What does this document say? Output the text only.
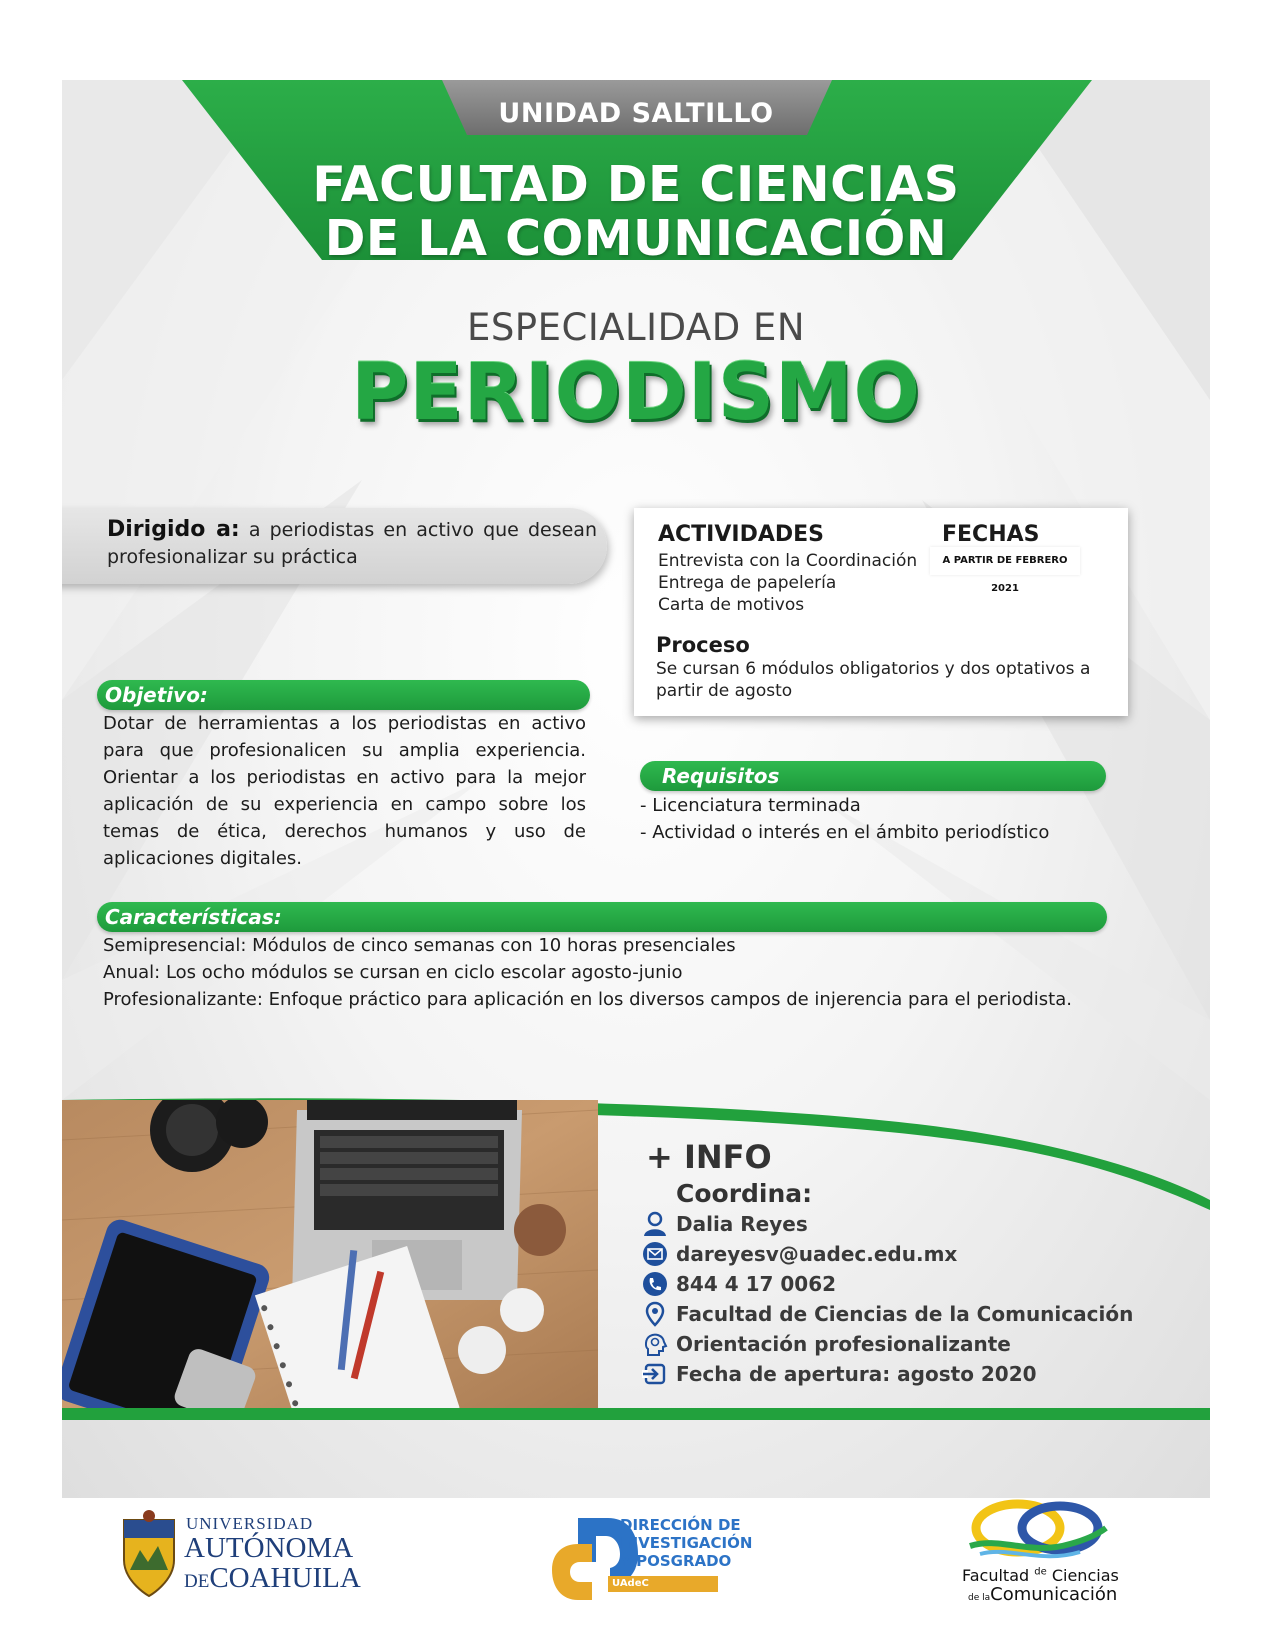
UNIDAD SALTILLO
FACULTAD DE CIENCIAS
DE LA COMUNICACIÓN
ESPECIALIDAD EN
PERIODISMO
Dirigido a: a periodistas en activo que desean profesionalizar su práctica
ACTIVIDADES	FECHAS
Entrevista con la Coordinación
Entrega de papelería
Carta de motivos
A PARTIR DE FEBRERO 2021
Proceso
Se cursan 6 módulos obligatorios y dos optativos a
partir de agosto
Objetivo:
Dotar de herramientas a los periodistas en activo para que profesionalicen su amplia experiencia. Orientar a los periodistas en activo para la mejor aplicación de su experiencia en campo sobre los temas de ética, derechos humanos y uso de aplicaciones digitales.
Requisitos
- Licenciatura terminada
- Actividad o interés en el ámbito periodístico
Características:
Semipresencial: Módulos de cinco semanas con 10 horas presenciales
Anual: Los ocho módulos se cursan en ciclo escolar agosto-junio
Profesionalizante: Enfoque práctico para aplicación en los diversos campos de injerencia para el periodista.
+ INFO
Coordina:
Dalia Reyes
dareyesv@uadec.edu.mx
844 4 17 0062
Facultad de Ciencias de la Comunicación
Orientación profesionalizante
Fecha de apertura: agosto 2020
UNIVERSIDAD
AUTÓNOMA
DECOAHUILA
DIRECCIÓN DE
INVESTIGACIÓN
Y POSGRADO
UAdeC	Facultad $^{de}$ Ciencias
de laComunicación
